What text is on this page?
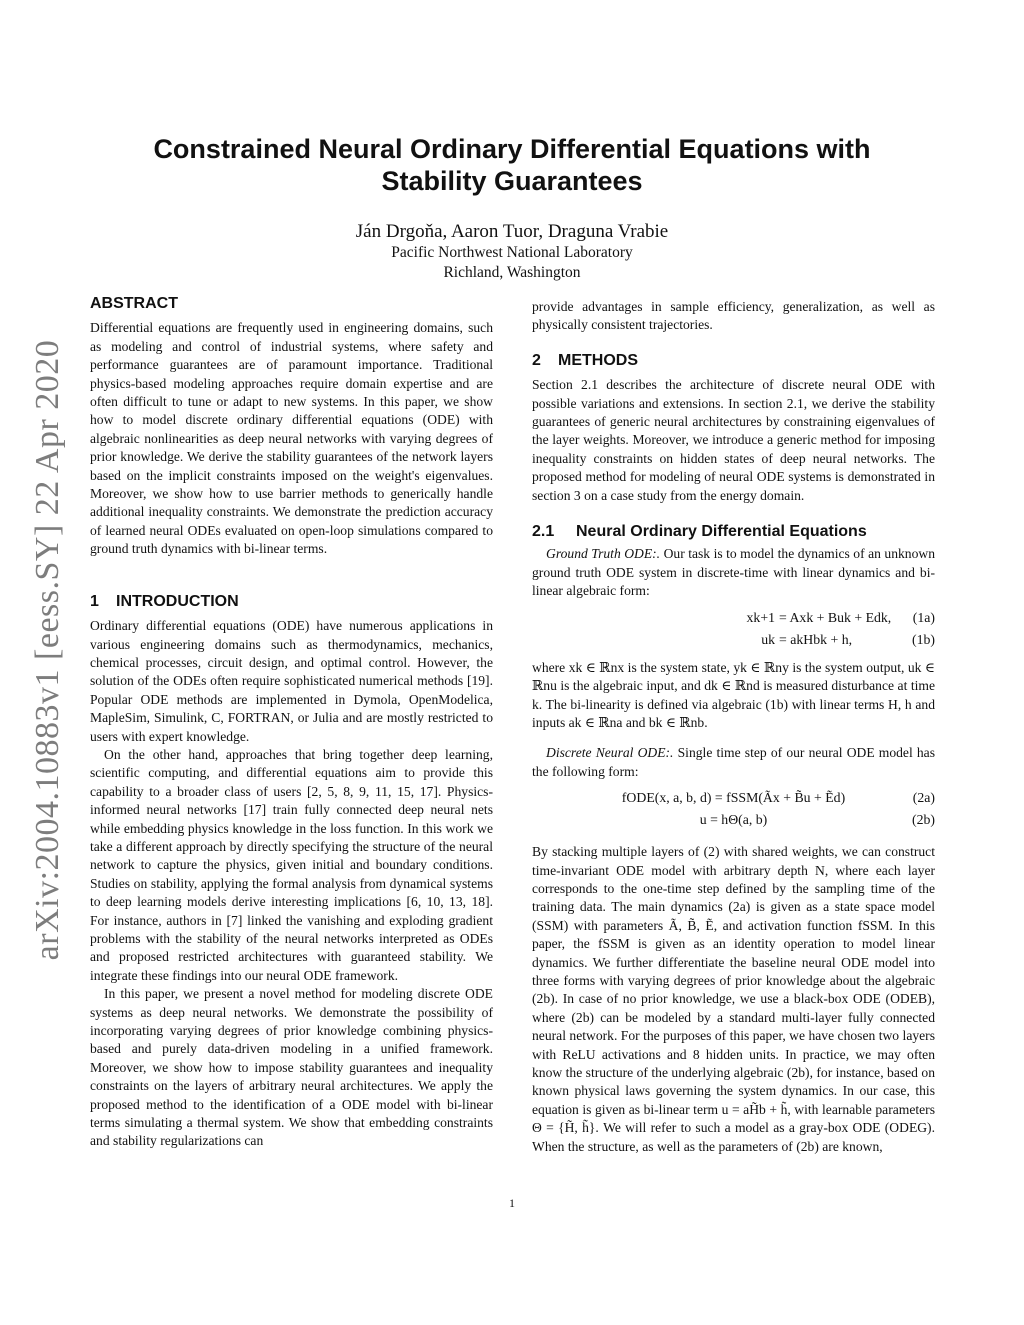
arXiv:2004.10883v1 [eess.SY] 22 Apr 2020
Constrained Neural Ordinary Differential Equations with
Stability Guarantees
Ján Drgoňa, Aaron Tuor, Draguna Vrabie
Pacific Northwest National Laboratory
Richland, Washington
ABSTRACT

Differential equations are frequently used in engineering domains, such as modeling and control of industrial systems, where safety and performance guarantees are of paramount importance. Traditional physics-based modeling approaches require domain expertise and are often difficult to tune or adapt to new systems. In this paper, we show how to model discrete ordinary differential equations (ODE) with algebraic nonlinearities as deep neural networks with varying degrees of prior knowledge. We derive the stability guarantees of the network layers based on the implicit constraints imposed on the weight's eigenvalues. Moreover, we show how to use barrier methods to generically handle additional inequality constraints. We demonstrate the prediction accuracy of learned neural ODEs evaluated on open-loop simulations compared to ground truth dynamics with bi-linear terms.

1 INTRODUCTION

Ordinary differential equations (ODE) have numerous applications in various engineering domains such as thermodynamics, mechanics, chemical processes, circuit design, and optimal control. However, the solution of the ODEs often require sophisticated numerical methods [19]. Popular ODE methods are implemented in Dymola, OpenModelica, MapleSim, Simulink, C, FORTRAN, or Julia and are mostly restricted to users with expert knowledge.

On the other hand, approaches that bring together deep learning, scientific computing, and differential equations aim to provide this capability to a broader class of users [2, 5, 8, 9, 11, 15, 17]. Physics-informed neural networks [17] train fully connected deep neural nets while embedding physics knowledge in the loss function. In this work we take a different approach by directly specifying the structure of the neural network to capture the physics, given initial and boundary conditions. Studies on stability, applying the formal analysis from dynamical systems to deep learning models derive interesting implications [6, 10, 13, 18]. For instance, authors in [7] linked the vanishing and exploding gradient problems with the stability of the neural networks interpreted as ODEs and proposed restricted architectures with guaranteed stability. We integrate these findings into our neural ODE framework.

In this paper, we present a novel method for modeling discrete ODE systems as deep neural networks. We demonstrate the possibility of incorporating varying degrees of prior knowledge combining physics-based and purely data-driven modeling in a unified framework. Moreover, we show how to impose stability guarantees and inequality constraints on the layers of arbitrary neural architectures. We apply the proposed method to the identification of a ODE model with bi-linear terms simulating a thermal system. We show that embedding constraints and stability regularizations can

provide advantages in sample efficiency, generalization, as well as physically consistent trajectories.

2 METHODS

Section 2.1 describes the architecture of discrete neural ODE with possible variations and extensions. In section 2.1, we derive the stability guarantees of generic neural architectures by constraining eigenvalues of the layer weights. Moreover, we introduce a generic method for imposing inequality constraints on hidden states of deep neural networks. The proposed method for modeling of neural ODE systems is demonstrated in section 3 on a case study from the energy domain.

2.1 Neural Ordinary Differential Equations

Ground Truth ODE:. Our task is to model the dynamics of an unknown ground truth ODE system in discrete-time with linear dynamics and bi-linear algebraic form:

xk+1 = Axk + Buk + Edk, (1a)
uk = akHbk + h,	(1b)

where xk ∈ ℝnx is the system state, yk ∈ ℝny is the system output, uk ∈ ℝnu is the algebraic input, and dk ∈ ℝnd is measured disturbance at time k. The bi-linearity is defined via algebraic (1b) with linear terms H, h and inputs ak ∈ ℝna and bk ∈ ℝnb.

Discrete Neural ODE:. Single time step of our neural ODE model has the following form:

fODE(x, a, b, d) = fSSM(Ãx + B̃u + Ẽd)	(2a)
u = hΘ(a, b)	(2b)

By stacking multiple layers of (2) with shared weights, we can construct time-invariant ODE model with arbitrary depth N, where each layer corresponds to the one-time step defined by the sampling time of the training data. The main dynamics (2a) is given as a state space model (SSM) with parameters Ã, B̃, Ẽ, and activation function fSSM. In this paper, the fSSM is given as an identity operation to model linear dynamics. We further differentiate the baseline neural ODE model into three forms with varying degrees of prior knowledge about the algebraic (2b). In case of no prior knowledge, we use a black-box ODE (ODEB), where (2b) can be modeled by a standard multi-layer fully connected neural network. For the purposes of this paper, we have chosen two layers with ReLU activations and 8 hidden units. In practice, we may often know the structure of the underlying algebraic (2b), for instance, based on known physical laws governing the system dynamics. In our case, this equation is given as bi-linear term u = aH̃b + h̃, with learnable parameters Θ = {H̃, h̃}. We will refer to such a model as a gray-box ODE (ODEG). When the structure, as well as the parameters of (2b) are known,

1
